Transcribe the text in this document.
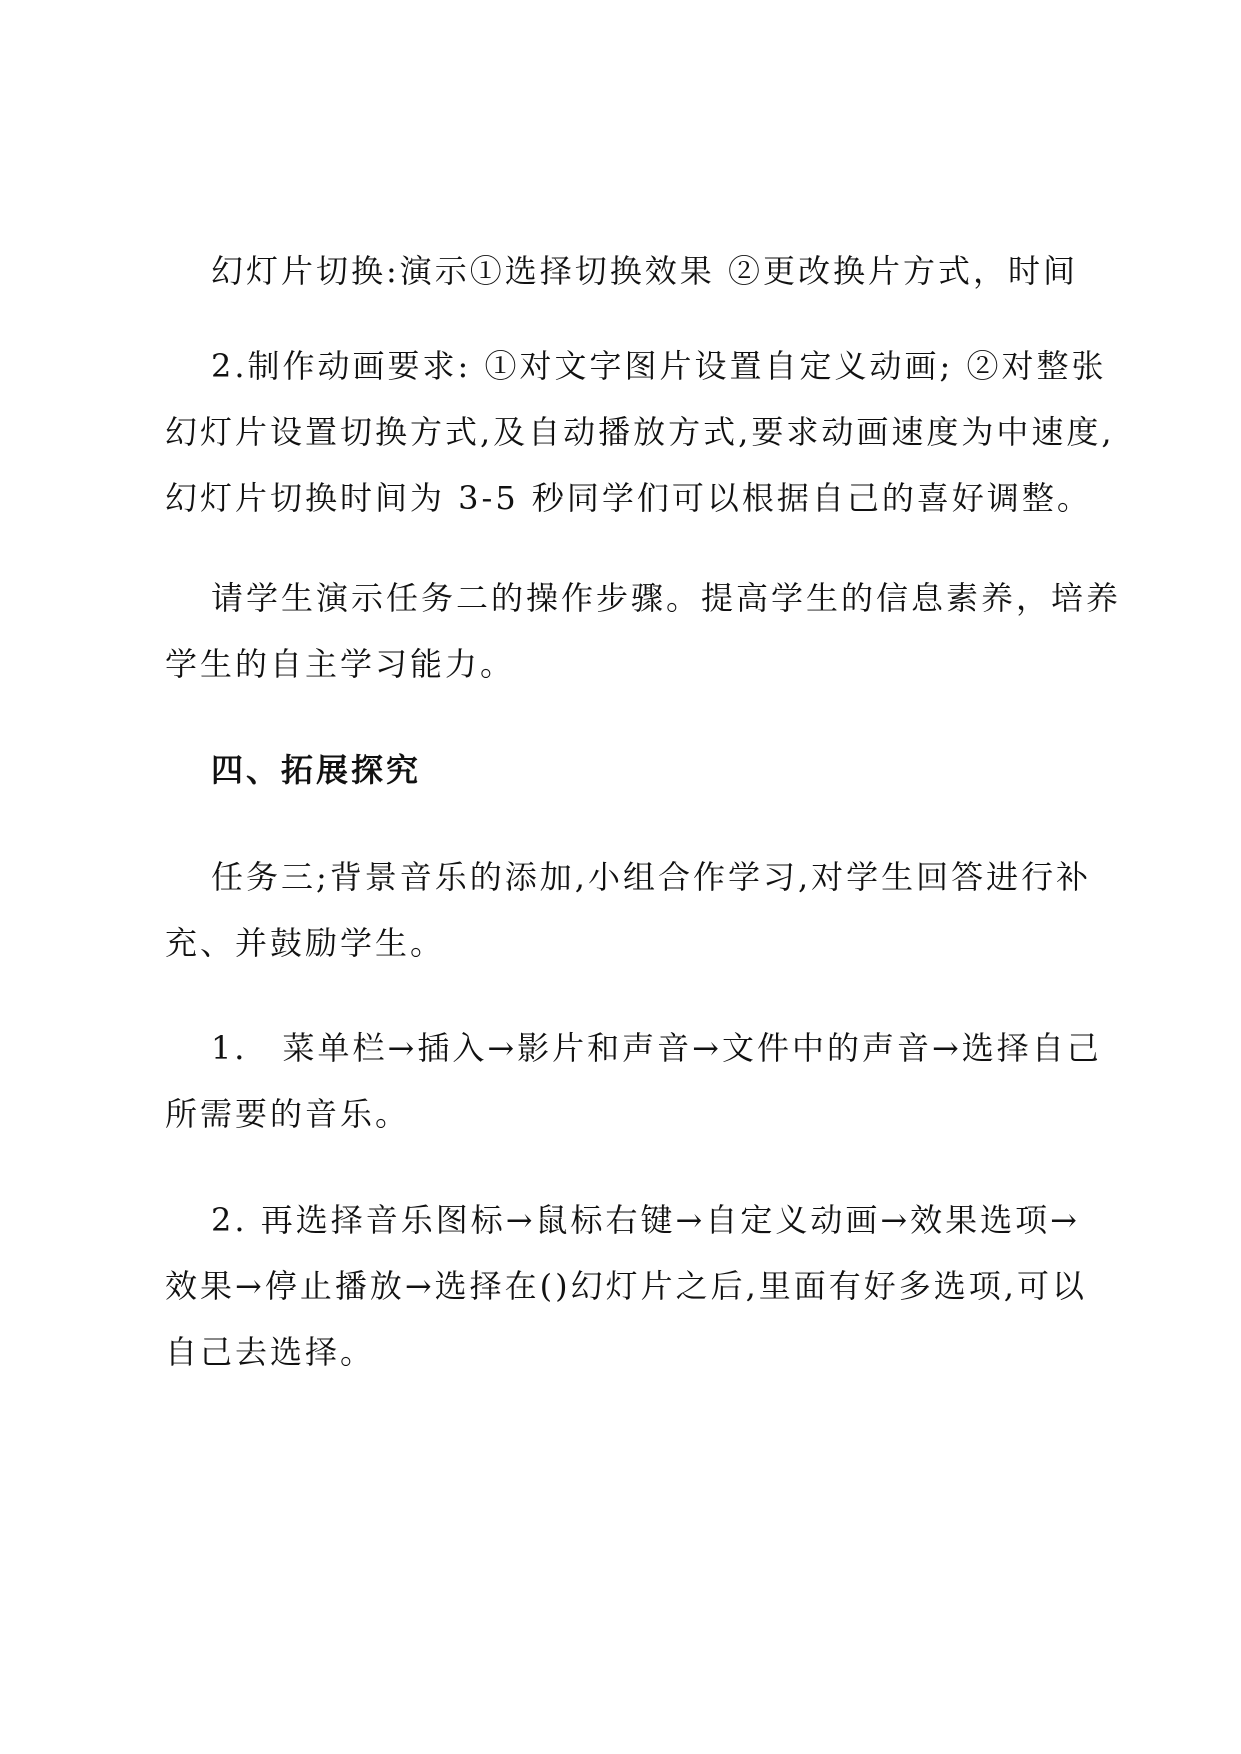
幻灯片切换:演示①选择切换效果 ②更改换片方式，时间

2.制作动画要求: ①对文字图片设置自定义动画; ②对整张
幻灯片设置切换方式,及自动播放方式,要求动画速度为中速度,
幻灯片切换时间为 3-5 秒同学们可以根据自己的喜好调整。

请学生演示任务二的操作步骤。提高学生的信息素养，培养
学生的自主学习能力。

四、拓展探究

任务三;背景音乐的添加,小组合作学习,对学生回答进行补
充、并鼓励学生。

1． 菜单栏→插入→影片和声音→文件中的声音→选择自己
所需要的音乐。

2. 再选择音乐图标→鼠标右键→自定义动画→效果选项→
效果→停止播放→选择在()幻灯片之后,里面有好多选项,可以
自己去选择。
